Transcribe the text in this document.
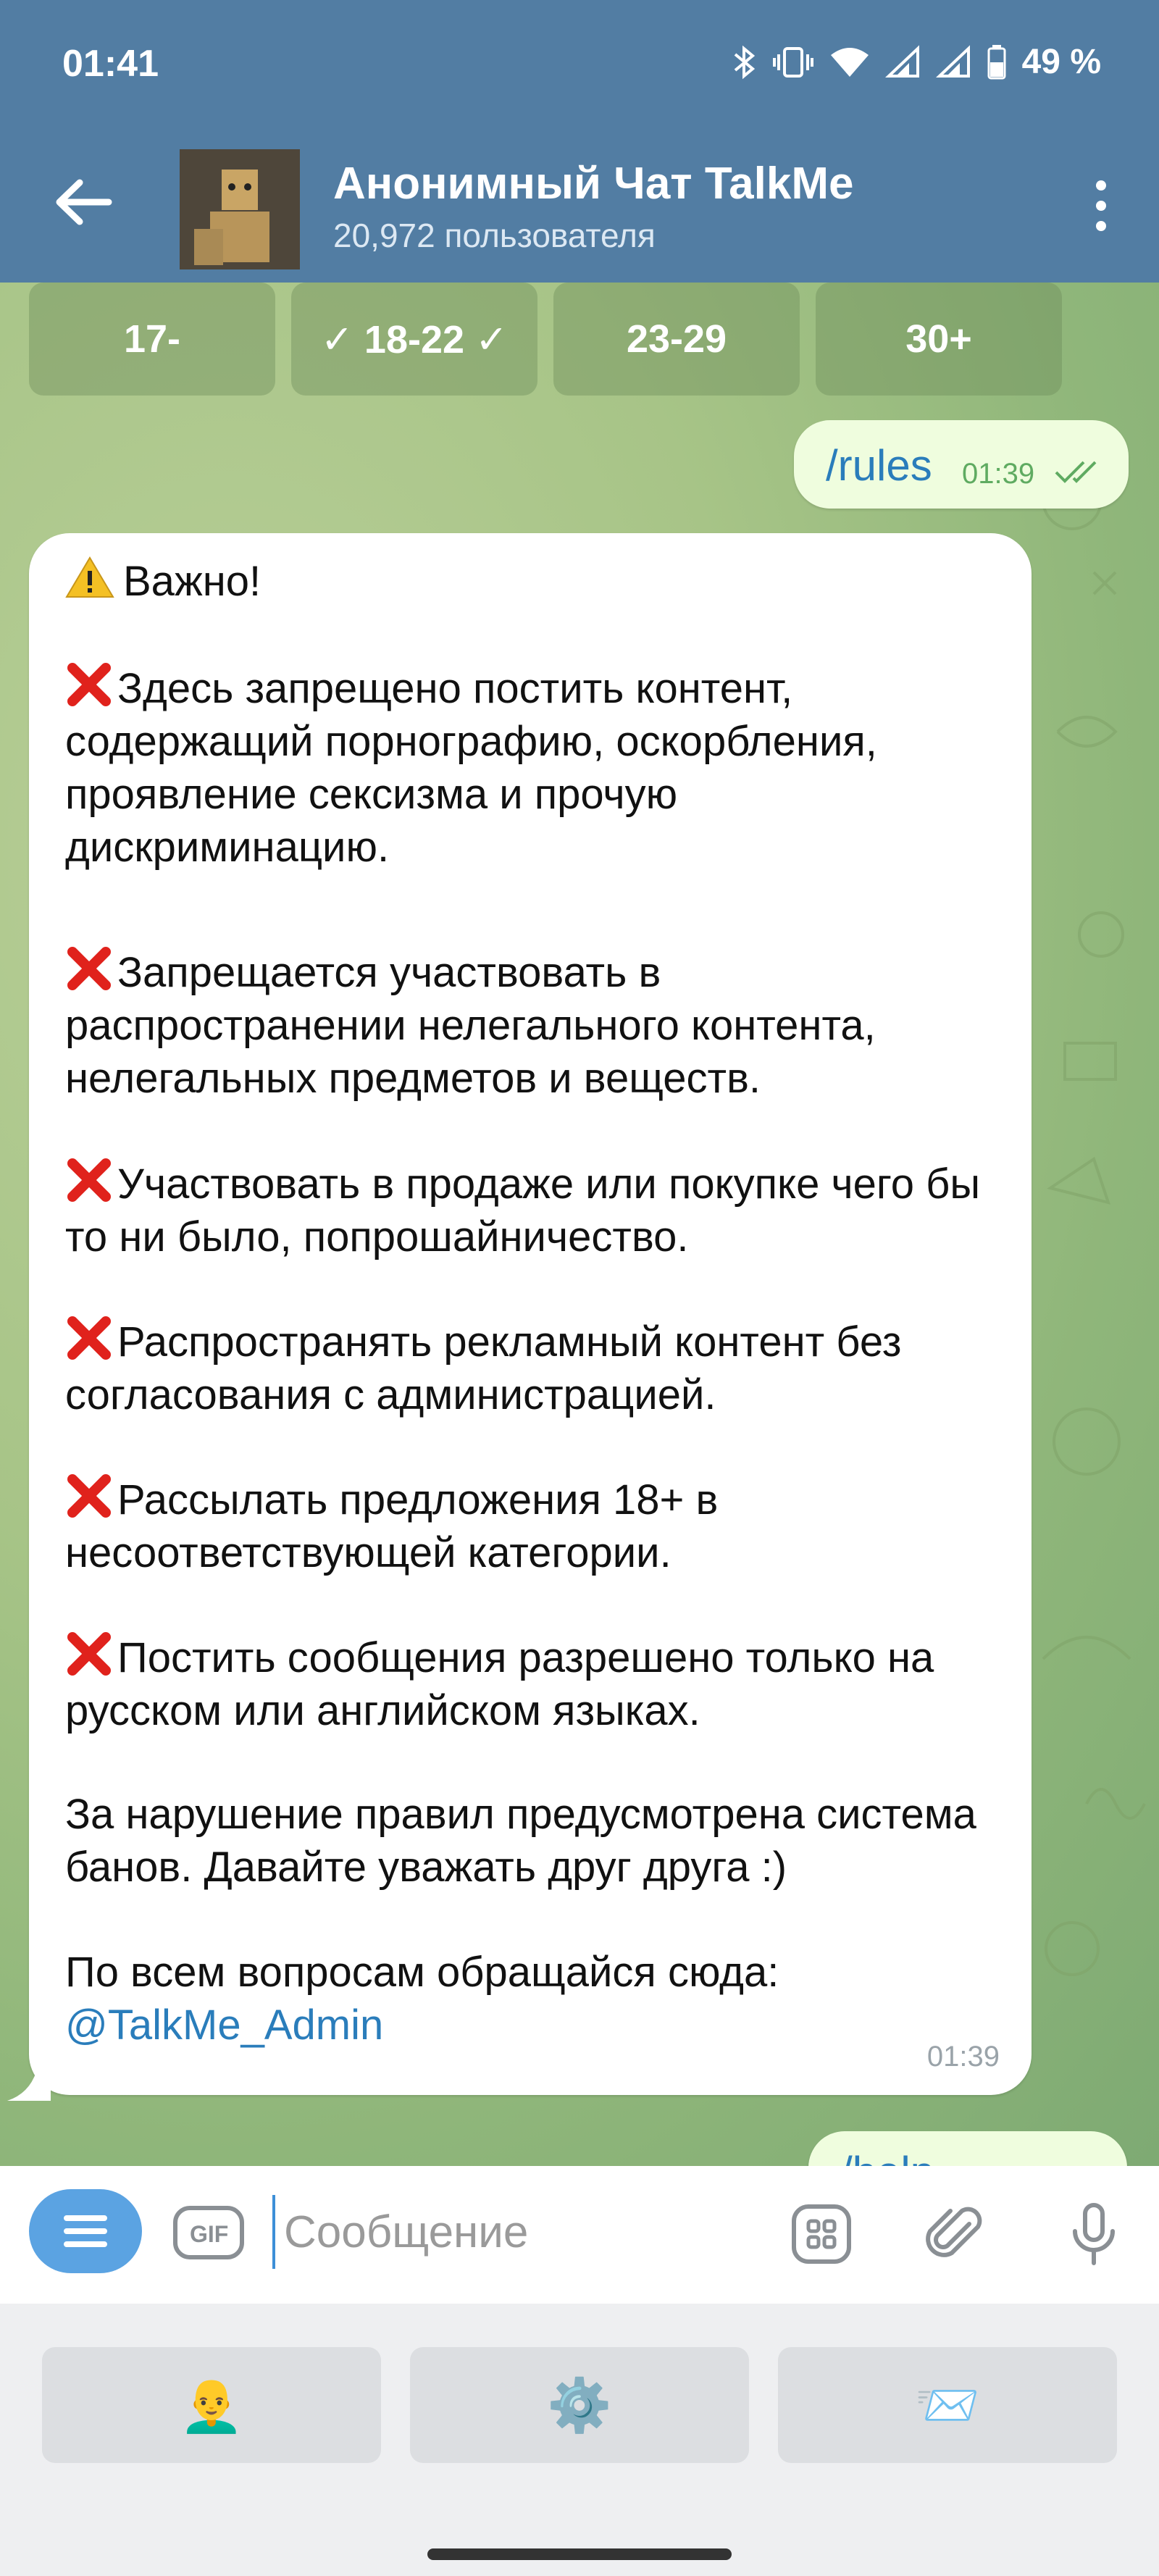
01:41	49 %
Анонимный Чат TalkMe
20,972 пользователя
17-	✓ 18-22 ✓	23-29	30+
/rules 01:39
Важно!
Здесь запрещено постить контент, содержащий порнографию, оскорбления, проявление сексизма и прочую дискриминацию.
Запрещается участвовать в распространении нелегального контента, нелегальных предметов и веществ.
Участвовать в продаже или покупке чего бы то ни было, попрошайничество.
Распространять рекламный контент без согласования с администрацией.
Рассылать предложения 18+ в несоответствующей категории.
Постить сообщения разрешено только на русском или английском языках.
За нарушение правил предусмотрена система банов. Давайте уважать друг друга :)
По всем вопросам обращайся сюда:
@TalkMe_Admin
01:39
GIF
Сообщение
👨‍🦲	⚙️	📨
